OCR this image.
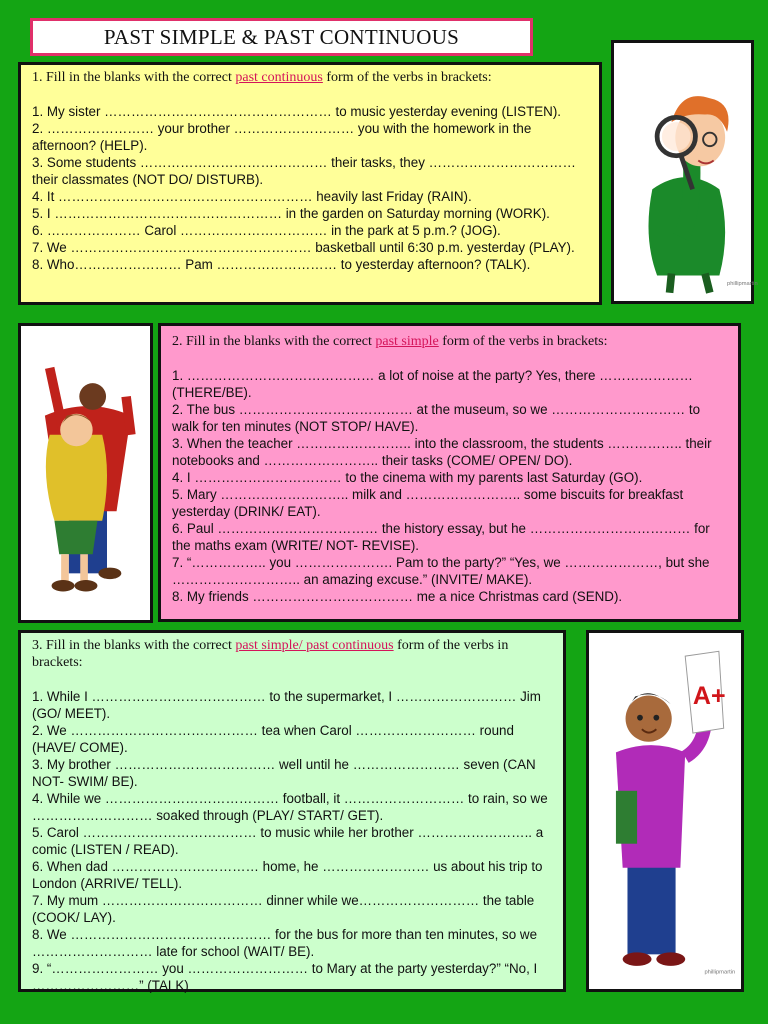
PAST SIMPLE & PAST CONTINUOUS
1. Fill in the blanks with the correct past continuous form of the verbs in brackets:

1. My sister …………………………………………… to music yesterday evening (LISTEN).

2. …………………… your brother ……………………… you with the homework in the afternoon? (HELP).

3. Some students …………………………………… their tasks, they …………………………… their classmates (NOT DO/ DISTURB).

4. It ………………………………………………… heavily last Friday (RAIN).

5. I …………………………………………… in the garden on Saturday morning (WORK).

6. ………………… Carol …………………………… in the park at 5 p.m.? (JOG).

7. We ……………………………………………… basketball until 6:30 p.m. yesterday (PLAY).

8. Who…………………… Pam ……………………… to yesterday afternoon? (TALK).

phillipmartin
2. Fill in the blanks with the correct past simple form of the verbs in brackets:

1. …………………………………… a lot of noise at the party? Yes, there ………………… (THERE/BE).

2. The bus ………………………………… at the museum, so we ………………………… to walk for ten minutes (NOT STOP/ HAVE).

3. When the teacher …………………….. into the classroom, the students …………….. their notebooks and …………………….. their tasks (COME/ OPEN/ DO).

4. I …………………………… to the cinema with my parents last Saturday (GO).

5. Mary ……………………….. milk and …………………….. some biscuits for breakfast yesterday (DRINK/ EAT).

6. Paul ……………………………… the history essay, but he ……………………………… for the maths exam (WRITE/ NOT- REVISE).

7. “…………….. you …………………. Pam to the party?” “Yes, we …………………, but she ……………………….. an amazing excuse.” (INVITE/ MAKE).

8. My friends ……………………………… me a nice Christmas card (SEND).

3. Fill in the blanks with the correct past simple/ past continuous form of the verbs in brackets:

1. While I ………………………………… to the supermarket, I ……………………… Jim (GO/ MEET).

2. We …………………………………… tea when Carol ……………………… round (HAVE/ COME).

3. My brother ……………………………… well until he …………………… seven (CAN NOT- SWIM/ BE).

4. While we ………………………………… football, it ……………………… to rain, so we ……………………… soaked through (PLAY/ START/ GET).

5. Carol ………………………………… to music while her brother …………………….. a comic (LISTEN / READ).

6. When dad …………………………… home, he …………………… us about his trip to London (ARRIVE/ TELL).

7. My mum ……………………………… dinner while we……………………… the table (COOK/ LAY).

8. We ……………………………………… for the bus for more than ten minutes, so we ……………………… late for school (WAIT/ BE).

9. “…………………… you ……………………… to Mary at the party yesterday?” “No, I ……………………” (TALK)

A+
phillipmartin
